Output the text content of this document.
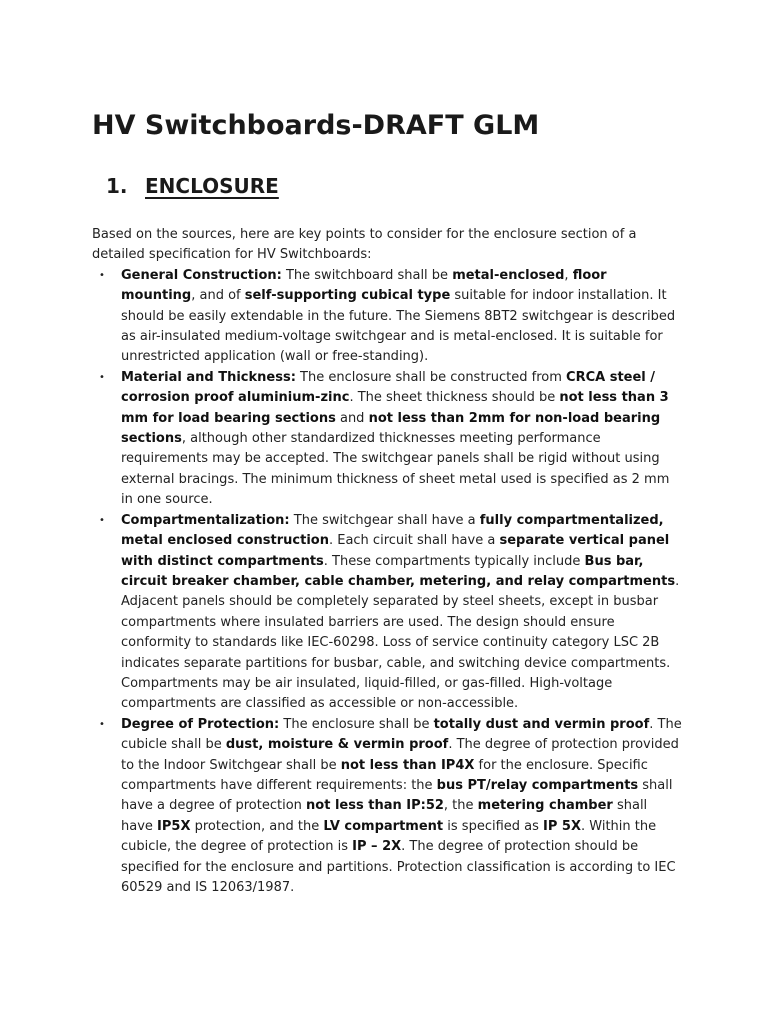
HV Switchboards-DRAFT GLM
1. ENCLOSURE

Based on the sources, here are key points to consider for the enclosure section of a detailed specification for HV Switchboards:

• General Construction: The switchboard shall be metal-enclosed, floor mounting, and of self-supporting cubical type suitable for indoor installation. It should be easily extendable in the future. The Siemens 8BT2 switchgear is described as air-insulated medium-voltage switchgear and is metal-enclosed. It is suitable for unrestricted application (wall or free-standing).
• Material and Thickness: The enclosure shall be constructed from CRCA steel / corrosion proof aluminium-zinc. The sheet thickness should be not less than 3 mm for load bearing sections and not less than 2mm for non-load bearing sections, although other standardized thicknesses meeting performance requirements may be accepted. The switchgear panels shall be rigid without using external bracings. The minimum thickness of sheet metal used is specified as 2 mm in one source.
• Compartmentalization: The switchgear shall have a fully compartmentalized, metal enclosed construction. Each circuit shall have a separate vertical panel with distinct compartments. These compartments typically include Bus bar, circuit breaker chamber, cable chamber, metering, and relay compartments. Adjacent panels should be completely separated by steel sheets, except in busbar compartments where insulated barriers are used. The design should ensure conformity to standards like IEC-60298. Loss of service continuity category LSC 2B indicates separate partitions for busbar, cable, and switching device compartments. Compartments may be air insulated, liquid-filled, or gas-filled. High-voltage compartments are classified as accessible or non-accessible.
• Degree of Protection: The enclosure shall be totally dust and vermin proof. The cubicle shall be dust, moisture & vermin proof. The degree of protection provided to the Indoor Switchgear shall be not less than IP4X for the enclosure. Specific compartments have different requirements: the bus PT/relay compartments shall have a degree of protection not less than IP:52, the metering chamber shall have IP5X protection, and the LV compartment is specified as IP 5X. Within the cubicle, the degree of protection is IP – 2X. The degree of protection should be specified for the enclosure and partitions. Protection classification is according to IEC 60529 and IS 12063/1987.
